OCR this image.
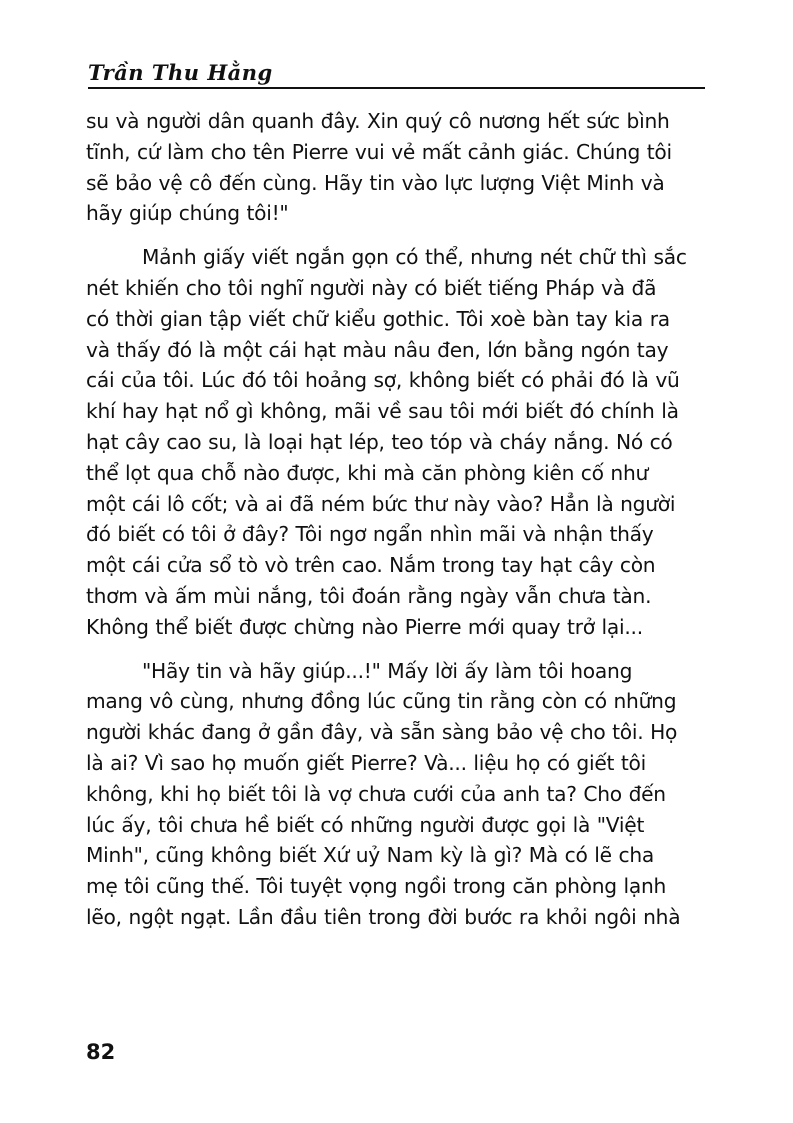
Trần Thu Hằng
su và người dân quanh đây. Xin quý cô nương hết sức bình
tĩnh, cứ làm cho tên Pierre vui vẻ mất cảnh giác. Chúng tôi
sẽ bảo vệ cô đến cùng. Hãy tin vào lực lượng Việt Minh và
hãy giúp chúng tôi!"
Mảnh giấy viết ngắn gọn có thể, nhưng nét chữ thì sắc
nét khiến cho tôi nghĩ người này có biết tiếng Pháp và đã
có thời gian tập viết chữ kiểu gothic. Tôi xoè bàn tay kia ra
và thấy đó là một cái hạt màu nâu đen, lớn bằng ngón tay
cái của tôi. Lúc đó tôi hoảng sợ, không biết có phải đó là vũ
khí hay hạt nổ gì không, mãi về sau tôi mới biết đó chính là
hạt cây cao su, là loại hạt lép, teo tóp và cháy nắng. Nó có
thể lọt qua chỗ nào được, khi mà căn phòng kiên cố như
một cái lô cốt; và ai đã ném bức thư này vào? Hẳn là người
đó biết có tôi ở đây? Tôi ngơ ngẩn nhìn mãi và nhận thấy
một cái cửa sổ tò vò trên cao. Nắm trong tay hạt cây còn
thơm và ấm mùi nắng, tôi đoán rằng ngày vẫn chưa tàn.
Không thể biết được chừng nào Pierre mới quay trở lại...
"Hãy tin và hãy giúp...!" Mấy lời ấy làm tôi hoang
mang vô cùng, nhưng đồng lúc cũng tin rằng còn có những
người khác đang ở gần đây, và sẵn sàng bảo vệ cho tôi. Họ
là ai? Vì sao họ muốn giết Pierre? Và... liệu họ có giết tôi
không, khi họ biết tôi là vợ chưa cưới của anh ta? Cho đến
lúc ấy, tôi chưa hề biết có những người được gọi là "Việt
Minh", cũng không biết Xứ uỷ Nam kỳ là gì? Mà có lẽ cha
mẹ tôi cũng thế. Tôi tuyệt vọng ngồi trong căn phòng lạnh
lẽo, ngột ngạt. Lần đầu tiên trong đời bước ra khỏi ngôi nhà
82
